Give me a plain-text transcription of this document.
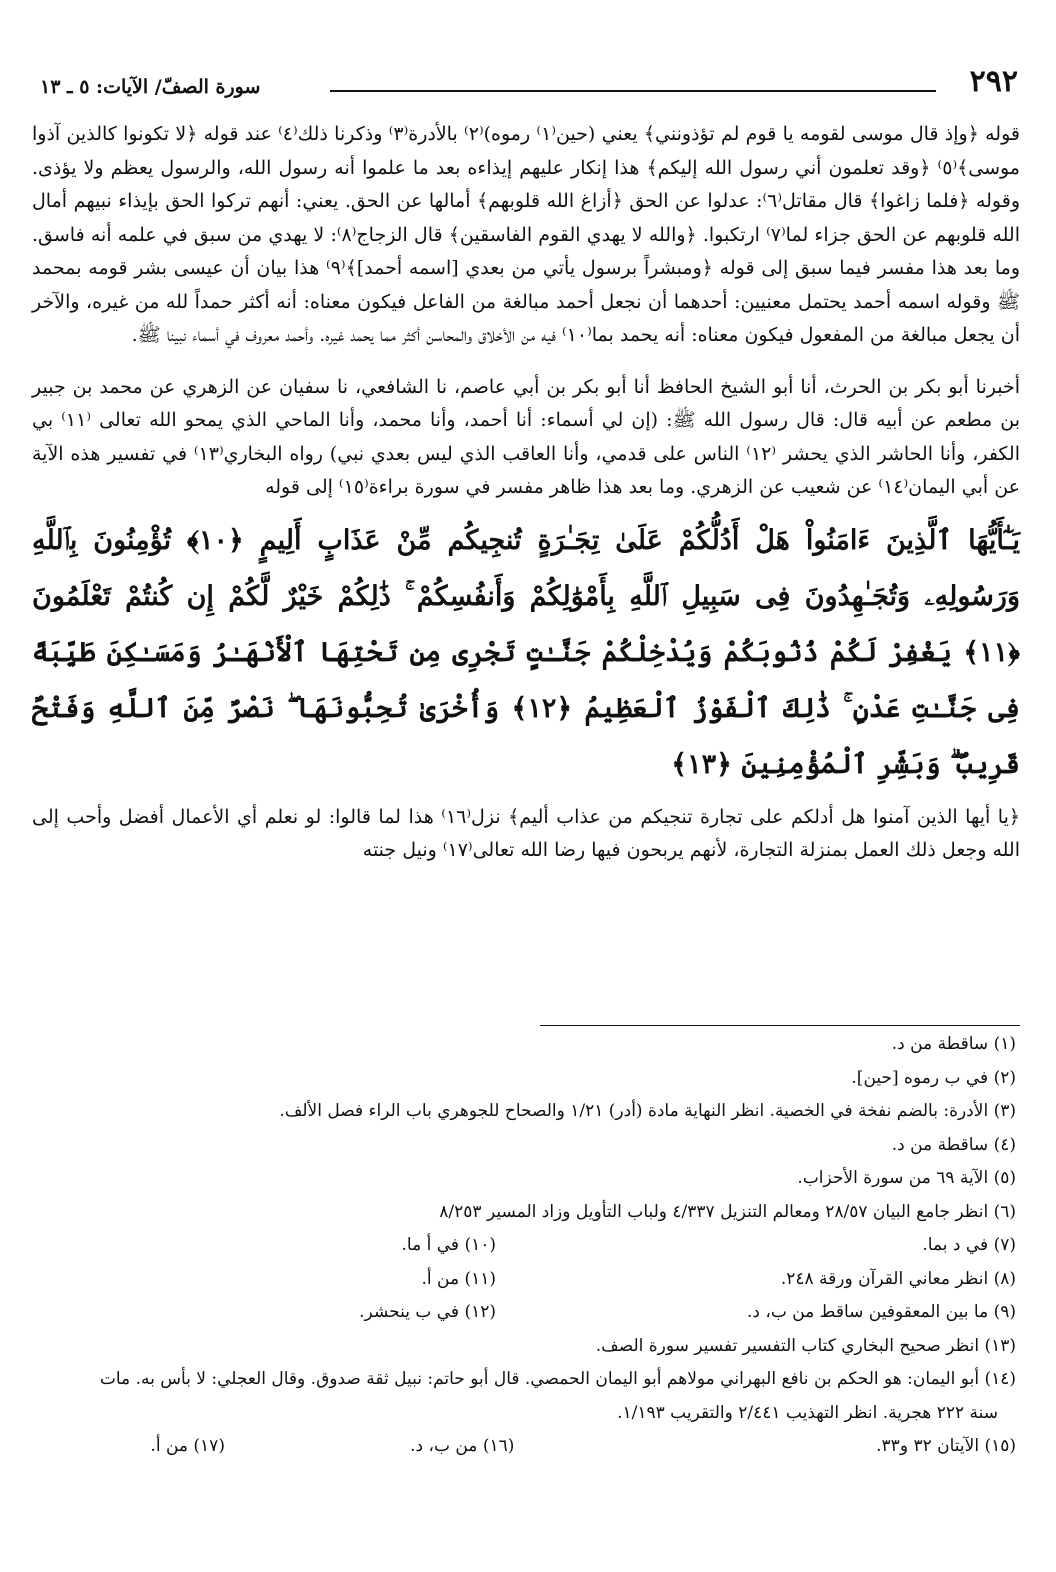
٢٩٢
سورة الصفّ/ الآيات: ٥ ـ ١٣

قوله ﴿وإذ قال موسى لقومه يا قوم لم تؤذونني﴾ يعني (حين⁽١⁾ رموه)⁽٢⁾ بالأدرة⁽٣⁾ وذكرنا ذلك⁽٤⁾ عند قوله ﴿لا تكونوا كالذين آذوا موسى﴾⁽٥⁾ ﴿وقد تعلمون أني رسول الله إليكم﴾ هذا إنكار عليهم إيذاءه بعد ما علموا أنه رسول الله، والرسول يعظم ولا يؤذى. وقوله ﴿فلما زاغوا﴾ قال مقاتل⁽٦⁾: عدلوا عن الحق ﴿أزاغ الله قلوبهم﴾ أمالها عن الحق. يعني: أنهم تركوا الحق بإيذاء نبيهم أمال الله قلوبهم عن الحق جزاء لما⁽٧⁾ ارتكبوا. ﴿والله لا يهدي القوم الفاسقين﴾ قال الزجاج⁽٨⁾: لا يهدي من سبق في علمه أنه فاسق. وما بعد هذا مفسر فيما سبق إلى قوله ﴿ومبشراً برسول يأتي من بعدي [اسمه أحمد]﴾⁽٩⁾ هذا بيان أن عيسى بشر قومه بمحمد ﷺ وقوله اسمه أحمد يحتمل معنيين: أحدهما أن نجعل أحمد مبالغة من الفاعل فيكون معناه: أنه أكثر حمداً لله من غيره، والآخر أن يجعل مبالغة من المفعول فيكون معناه: أنه يحمد بما⁽١٠⁾ فيه من الأخلاق والمحاسن أكثر مما يحمد غيره. وأحمد معروف في أسماء نبينا ﷺ.

أخبرنا أبو بكر بن الحرث، أنا أبو الشيخ الحافظ أنا أبو بكر بن أبي عاصم، نا الشافعي، نا سفيان عن الزهري عن محمد بن جبير بن مطعم عن أبيه قال: قال رسول الله ﷺ: (إن لي أسماء: أنا أحمد، وأنا محمد، وأنا الماحي الذي يمحو الله تعالى ⁽١١⁾ بي الكفر، وأنا الحاشر الذي يحشر ⁽١٢⁾ الناس على قدمي، وأنا العاقب الذي ليس بعدي نبي) رواه البخاري⁽١٣⁾ في تفسير هذه الآية عن أبي اليمان⁽١٤⁾ عن شعيب عن الزهري. وما بعد هذا ظاهر مفسر في سورة براءة⁽١٥⁾ إلى قوله

يَـٰٓأَيُّهَا ٱلَّذِينَ ءَامَنُواْ هَلْ أَدُلُّكُمْ عَلَىٰ تِجَـٰرَةٍ تُنجِيكُم مِّنْ عَذَابٍ أَلِيمٍ ﴿١٠﴾ تُؤْمِنُونَ بِٱللَّهِ وَرَسُولِهِۦ وَتُجَـٰهِدُونَ فِى سَبِيلِ ٱللَّهِ بِأَمْوَٰلِكُمْ وَأَنفُسِكُمْ ۚ ذَٰلِكُمْ خَيْرٌ لَّكُمْ إِن كُنتُمْ تَعْلَمُونَ ﴿١١﴾ يَغْفِرْ لَكُمْ ذُنُوبَكُمْ وَيُدْخِلْكُمْ جَنَّـٰتٍ تَجْرِى مِن تَحْتِهَا ٱلْأَنْهَـٰرُ وَمَسَـٰكِنَ طَيِّبَةً فِى جَنَّـٰتِ عَدْنٍ ۚ ذَٰلِكَ ٱلْفَوْزُ ٱلْعَظِيمُ ﴿١٢﴾ وَأُخْرَىٰ تُحِبُّونَهَا ۖ نَصْرٌ مِّنَ ٱللَّهِ وَفَتْحٌ قَرِيبٌ ۗ وَبَشِّرِ ٱلْمُؤْمِنِينَ ﴿١٣﴾

﴿يا أيها الذين آمنوا هل أدلكم على تجارة تنجيكم من عذاب أليم﴾ نزل⁽١٦⁾ هذا لما قالوا: لو نعلم أي الأعمال أفضل وأحب إلى الله وجعل ذلك العمل بمنزلة التجارة، لأنهم يربحون فيها رضا الله تعالى⁽١٧⁾ ونيل جنته

(١) ساقطة من د.
(٢) في ب رموه [حين].
(٣) الأدرة: بالضم نفخة في الخصية. انظر النهاية مادة (أدر) ١/٢١ والصحاح للجوهري باب الراء فصل الألف.
(٤) ساقطة من د.
(٥) الآية ٦٩ من سورة الأحزاب.
(٦) انظر جامع البيان ٢٨/٥٧ ومعالم التنزيل ٤/٣٣٧ ولباب التأويل وزاد المسير ٨/٢٥٣
(٧) في د بما.
(١٠) في أ ما.
(٨) انظر معاني القرآن ورقة ٢٤٨.
(١١) من أ.
(٩) ما بين المعقوفين ساقط من ب، د.
(١٢) في ب ينحشر.
(١٣) انظر صحيح البخاري كتاب التفسير تفسير سورة الصف.
(١٤) أبو اليمان: هو الحكم بن نافع البهراني مولاهم أبو اليمان الحمصي. قال أبو حاتم: نبيل ثقة صدوق. وقال العجلي: لا بأس به. مات
سنة ٢٢٢ هجرية. انظر التهذيب ٢/٤٤١ والتقريب ١/١٩٣.
(١٥) الآيتان ٣٢ و٣٣.
(١٦) من ب، د.
(١٧) من أ.
